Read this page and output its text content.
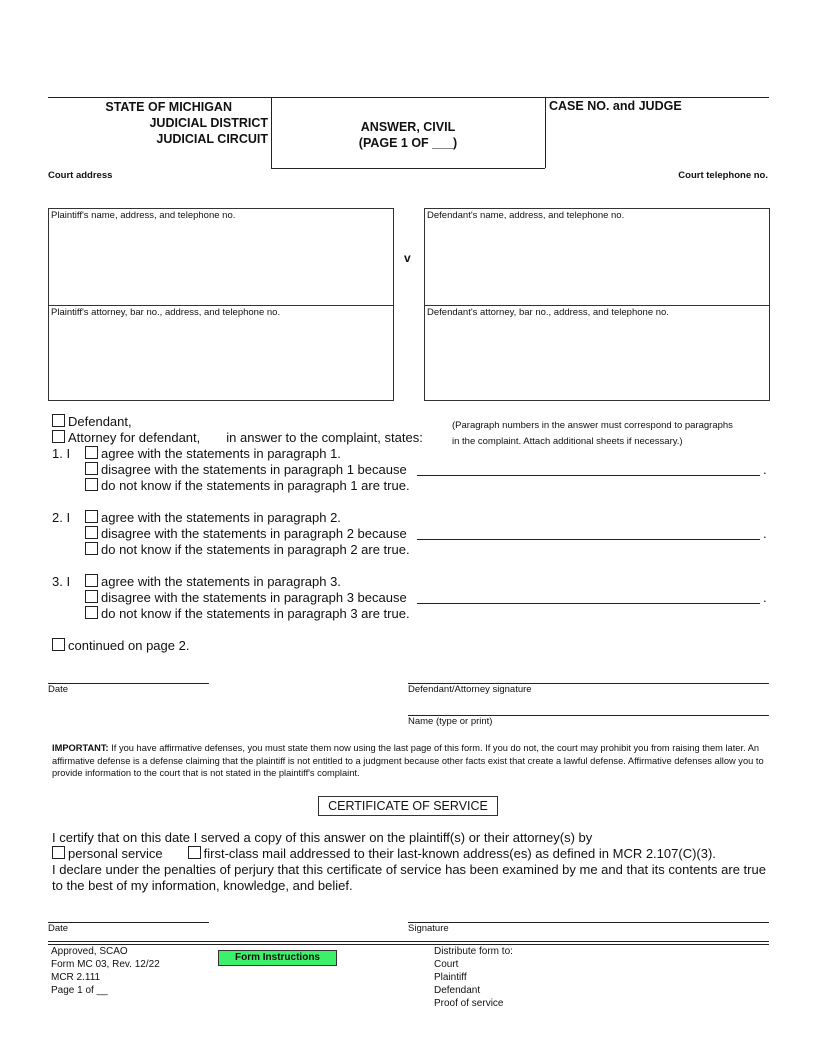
STATE OF MICHIGAN
JUDICIAL DISTRICT
JUDICIAL CIRCUIT
ANSWER, CIVIL
(PAGE 1 OF ___)
CASE NO. and JUDGE
Court address	Court telephone no.
Plaintiff's name, address, and telephone no.
Plaintiff's attorney, bar no., address, and telephone no.
v
Defendant's name, address, and telephone no.
Defendant's attorney, bar no., address, and telephone no.
Defendant,
Attorney for defendant, in answer to the complaint, states:
(Paragraph numbers in the answer must correspond to paragraphs
in the complaint. Attach additional sheets if necessary.)
1. I	agree with the statements in paragraph 1.
disagree with the statements in paragraph 1 because	.
do not know if the statements in paragraph 1 are true.
2. I	agree with the statements in paragraph 2.
disagree with the statements in paragraph 2 because	.
do not know if the statements in paragraph 2 are true.
3. I	agree with the statements in paragraph 3.
disagree with the statements in paragraph 3 because	.
do not know if the statements in paragraph 3 are true.
continued on page 2.
Date	Defendant/Attorney signature
Name (type or print)
IMPORTANT: If you have affirmative defenses, you must state them now using the last page of this form. If you do not, the court may prohibit you from raising them later. An affirmative defense is a defense claiming that the plaintiff is not entitled to a judgment because other facts exist that create a lawful defense. Affirmative defenses allow you to provide information to the court that is not stated in the plaintiff's complaint.
CERTIFICATE OF SERVICE
I certify that on this date I served a copy of this answer on the plaintiff(s) or their attorney(s) by
personal service	first-class mail addressed to their last-known address(es) as defined in MCR 2.107(C)(3).
I declare under the penalties of perjury that this certificate of service has been examined by me and that its contents are true to the best of my information, knowledge, and belief.
Date	Signature
Approved, SCAO
Form MC 03, Rev. 12/22
MCR 2.111
Page 1 of __
Form Instructions
Distribute form to:
Court
Plaintiff
Defendant
Proof of service
